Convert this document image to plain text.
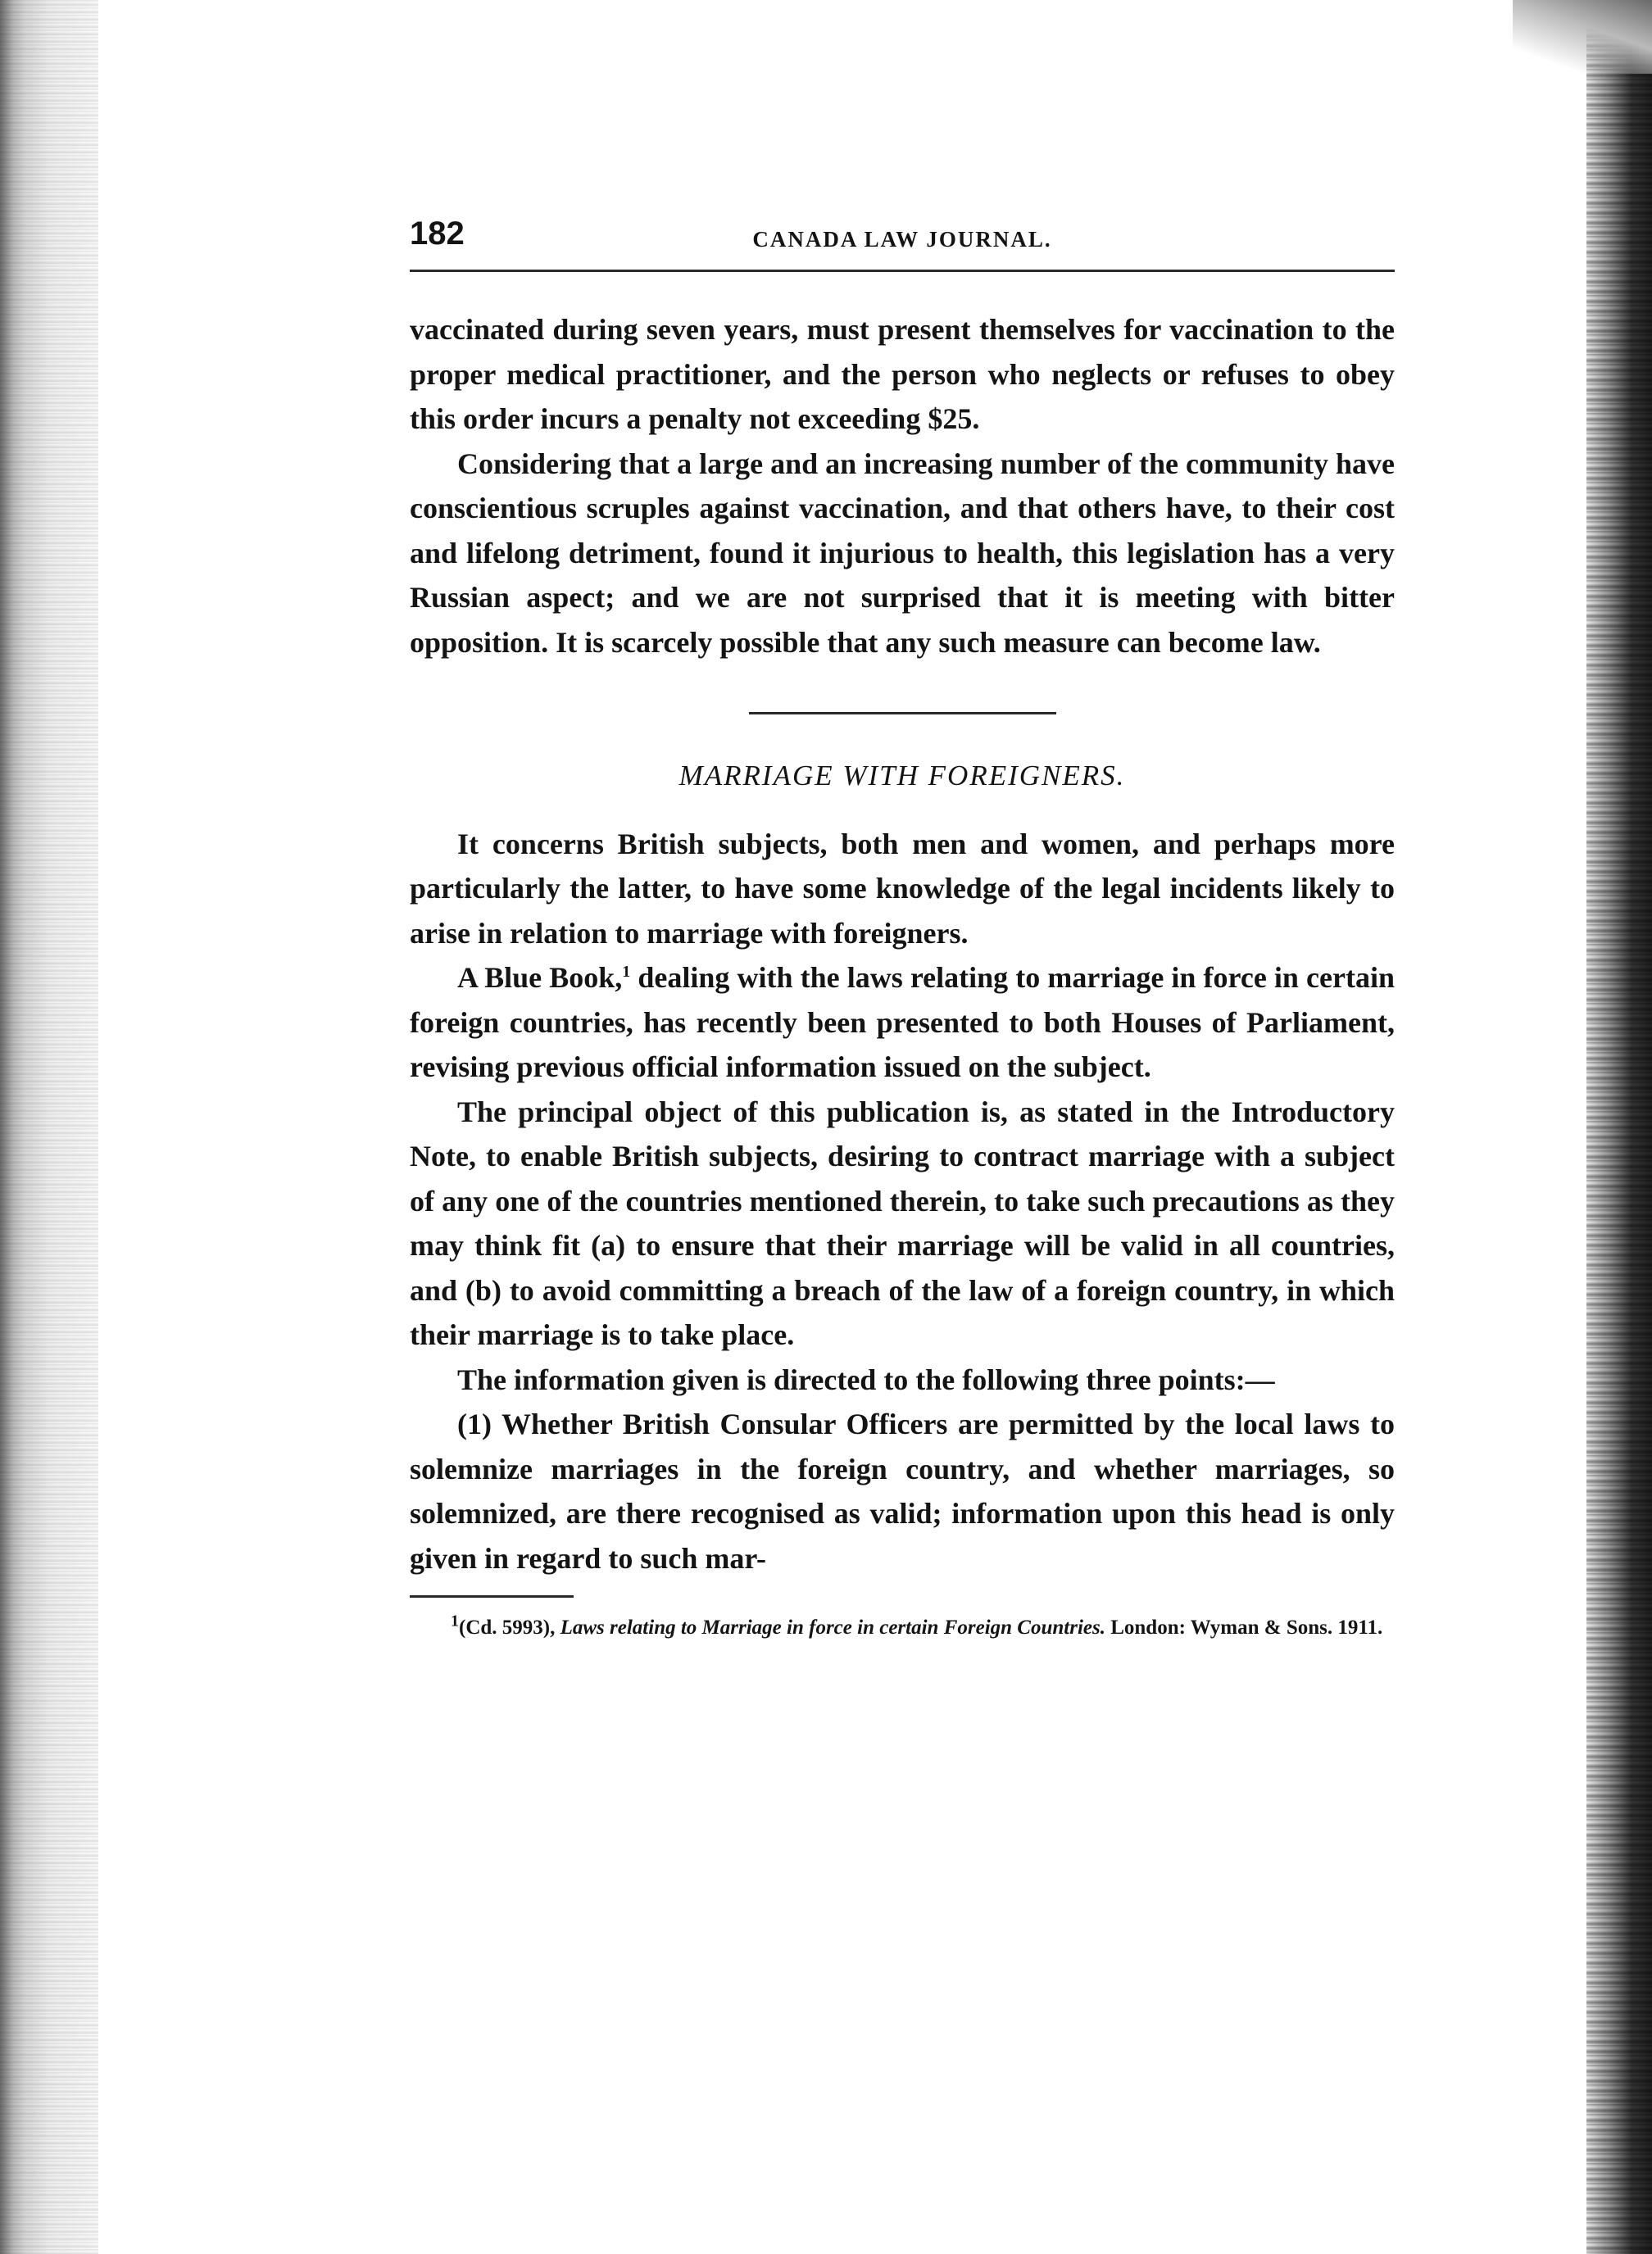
182	CANADA LAW JOURNAL.

vaccinated during seven years, must present themselves for vaccination to the proper medical practitioner, and the person who neglects or refuses to obey this order incurs a penalty not exceeding $25.

Considering that a large and an increasing number of the community have conscientious scruples against vaccination, and that others have, to their cost and lifelong detriment, found it injurious to health, this legislation has a very Russian aspect; and we are not surprised that it is meeting with bitter opposition. It is scarcely possible that any such measure can become law.

MARRIAGE WITH FOREIGNERS.

It concerns British subjects, both men and women, and perhaps more particularly the latter, to have some knowledge of the legal incidents likely to arise in relation to marriage with foreigners.

A Blue Book,$^1$ dealing with the laws relating to marriage in force in certain foreign countries, has recently been presented to both Houses of Parliament, revising previous official information issued on the subject.

The principal object of this publication is, as stated in the Introductory Note, to enable British subjects, desiring to contract marriage with a subject of any one of the countries mentioned therein, to take such precautions as they may think fit (a) to ensure that their marriage will be valid in all countries, and (b) to avoid committing a breach of the law of a foreign country, in which their marriage is to take place.

The information given is directed to the following three points:—

(1) Whether British Consular Officers are permitted by the local laws to solemnize marriages in the foreign country, and whether marriages, so solemnized, are there recognised as valid; information upon this head is only given in regard to such mar-

$^1$(Cd. 5993), Laws relating to Marriage in force in certain Foreign Countries. London: Wyman & Sons. 1911.
